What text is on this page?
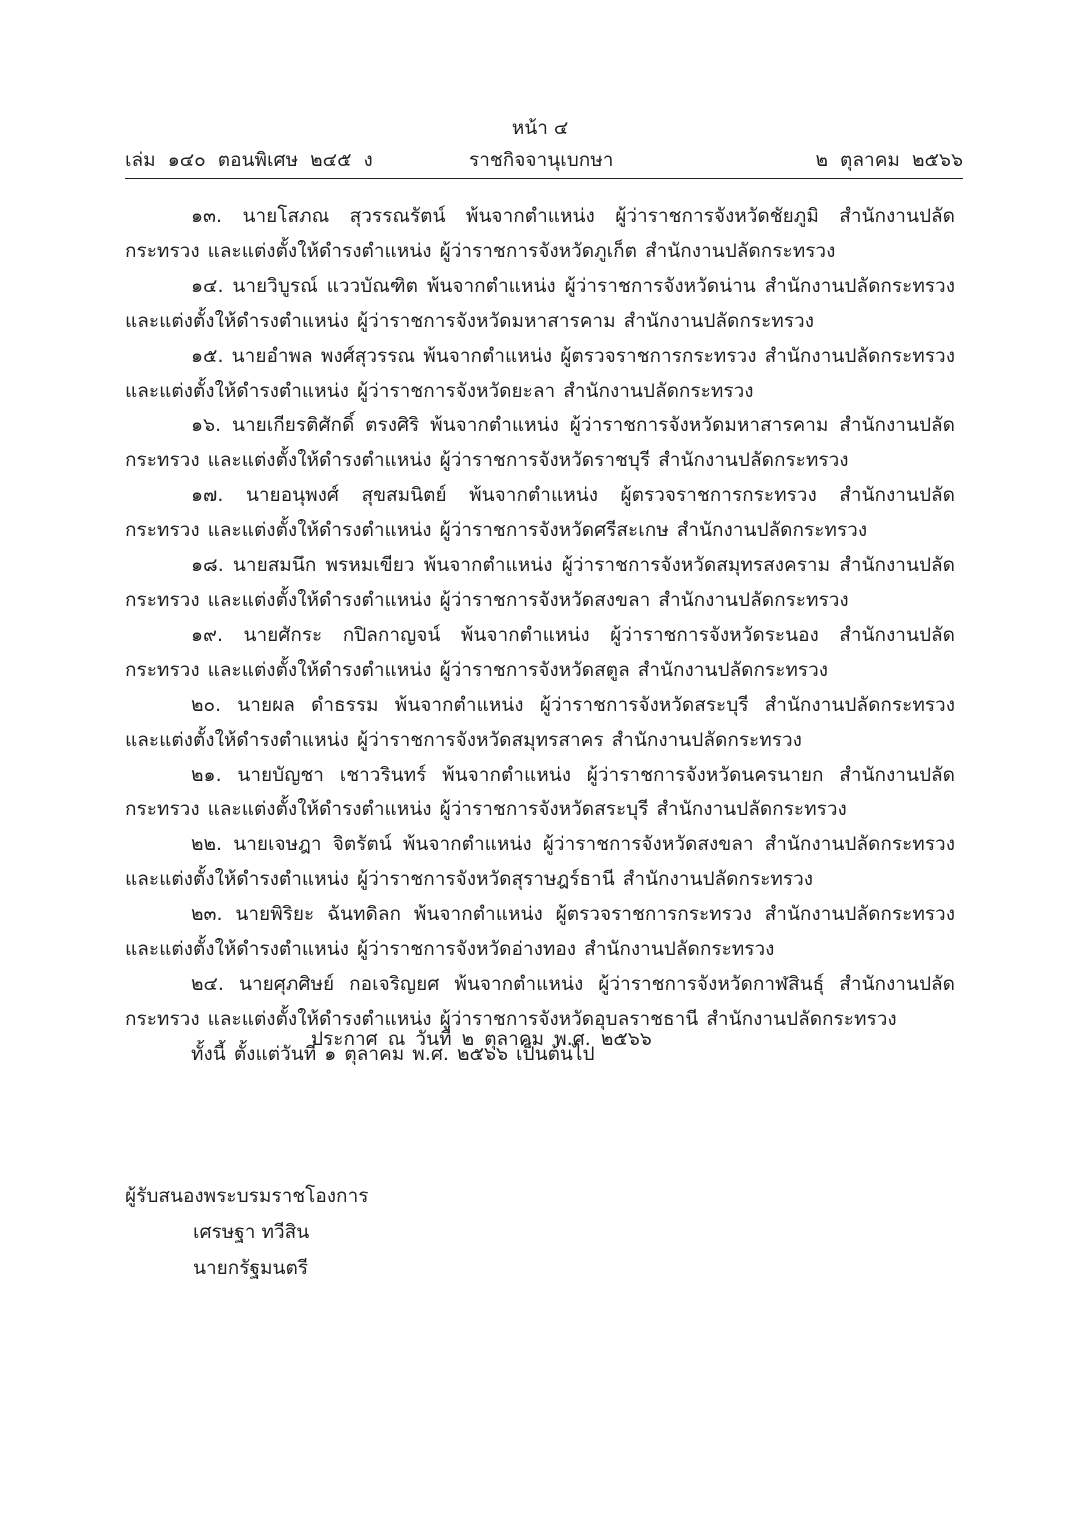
หน้า ๔
เล่ม ๑๔๐ ตอนพิเศษ ๒๔๕ ง	ราชกิจจานุเบกษา	๒ ตุลาคม ๒๕๖๖

๑๓. นายโสภณ สุวรรณรัตน์ พ้นจากตำแหน่ง ผู้ว่าราชการจังหวัดชัยภูมิ สำนักงานปลัดกระทรวง และแต่งตั้งให้ดำรงตำแหน่ง ผู้ว่าราชการจังหวัดภูเก็ต สำนักงานปลัดกระทรวง

๑๔. นายวิบูรณ์ แววบัณฑิต พ้นจากตำแหน่ง ผู้ว่าราชการจังหวัดน่าน สำนักงานปลัดกระทรวง และแต่งตั้งให้ดำรงตำแหน่ง ผู้ว่าราชการจังหวัดมหาสารคาม สำนักงานปลัดกระทรวง

๑๕. นายอำพล พงศ์สุวรรณ พ้นจากตำแหน่ง ผู้ตรวจราชการกระทรวง สำนักงานปลัดกระทรวง และแต่งตั้งให้ดำรงตำแหน่ง ผู้ว่าราชการจังหวัดยะลา สำนักงานปลัดกระทรวง

๑๖. นายเกียรติศักดิ์ ตรงศิริ พ้นจากตำแหน่ง ผู้ว่าราชการจังหวัดมหาสารคาม สำนักงานปลัดกระทรวง และแต่งตั้งให้ดำรงตำแหน่ง ผู้ว่าราชการจังหวัดราชบุรี สำนักงานปลัดกระทรวง

๑๗. นายอนุพงศ์ สุขสมนิตย์ พ้นจากตำแหน่ง ผู้ตรวจราชการกระทรวง สำนักงานปลัดกระทรวง และแต่งตั้งให้ดำรงตำแหน่ง ผู้ว่าราชการจังหวัดศรีสะเกษ สำนักงานปลัดกระทรวง

๑๘. นายสมนึก พรหมเขียว พ้นจากตำแหน่ง ผู้ว่าราชการจังหวัดสมุทรสงคราม สำนักงานปลัดกระทรวง และแต่งตั้งให้ดำรงตำแหน่ง ผู้ว่าราชการจังหวัดสงขลา สำนักงานปลัดกระทรวง

๑๙. นายศักระ กปิลกาญจน์ พ้นจากตำแหน่ง ผู้ว่าราชการจังหวัดระนอง สำนักงานปลัดกระทรวง และแต่งตั้งให้ดำรงตำแหน่ง ผู้ว่าราชการจังหวัดสตูล สำนักงานปลัดกระทรวง

๒๐. นายผล ดำธรรม พ้นจากตำแหน่ง ผู้ว่าราชการจังหวัดสระบุรี สำนักงานปลัดกระทรวง และแต่งตั้งให้ดำรงตำแหน่ง ผู้ว่าราชการจังหวัดสมุทรสาคร สำนักงานปลัดกระทรวง

๒๑. นายบัญชา เชาวรินทร์ พ้นจากตำแหน่ง ผู้ว่าราชการจังหวัดนครนายก สำนักงานปลัดกระทรวง และแต่งตั้งให้ดำรงตำแหน่ง ผู้ว่าราชการจังหวัดสระบุรี สำนักงานปลัดกระทรวง

๒๒. นายเจษฎา จิตรัตน์ พ้นจากตำแหน่ง ผู้ว่าราชการจังหวัดสงขลา สำนักงานปลัดกระทรวง และแต่งตั้งให้ดำรงตำแหน่ง ผู้ว่าราชการจังหวัดสุราษฎร์ธานี สำนักงานปลัดกระทรวง

๒๓. นายพิริยะ ฉันทดิลก พ้นจากตำแหน่ง ผู้ตรวจราชการกระทรวง สำนักงานปลัดกระทรวง และแต่งตั้งให้ดำรงตำแหน่ง ผู้ว่าราชการจังหวัดอ่างทอง สำนักงานปลัดกระทรวง

๒๔. นายศุภศิษย์ กอเจริญยศ พ้นจากตำแหน่ง ผู้ว่าราชการจังหวัดกาฬสินธุ์ สำนักงานปลัดกระทรวง และแต่งตั้งให้ดำรงตำแหน่ง ผู้ว่าราชการจังหวัดอุบลราชธานี สำนักงานปลัดกระทรวง

ทั้งนี้ ตั้งแต่วันที่ ๑ ตุลาคม พ.ศ. ๒๕๖๖ เป็นต้นไป

ประกาศ ณ วันที่ ๒ ตุลาคม พ.ศ. ๒๕๖๖
ผู้รับสนองพระบรมราชโองการ
เศรษฐา ทวีสิน
นายกรัฐมนตรี
